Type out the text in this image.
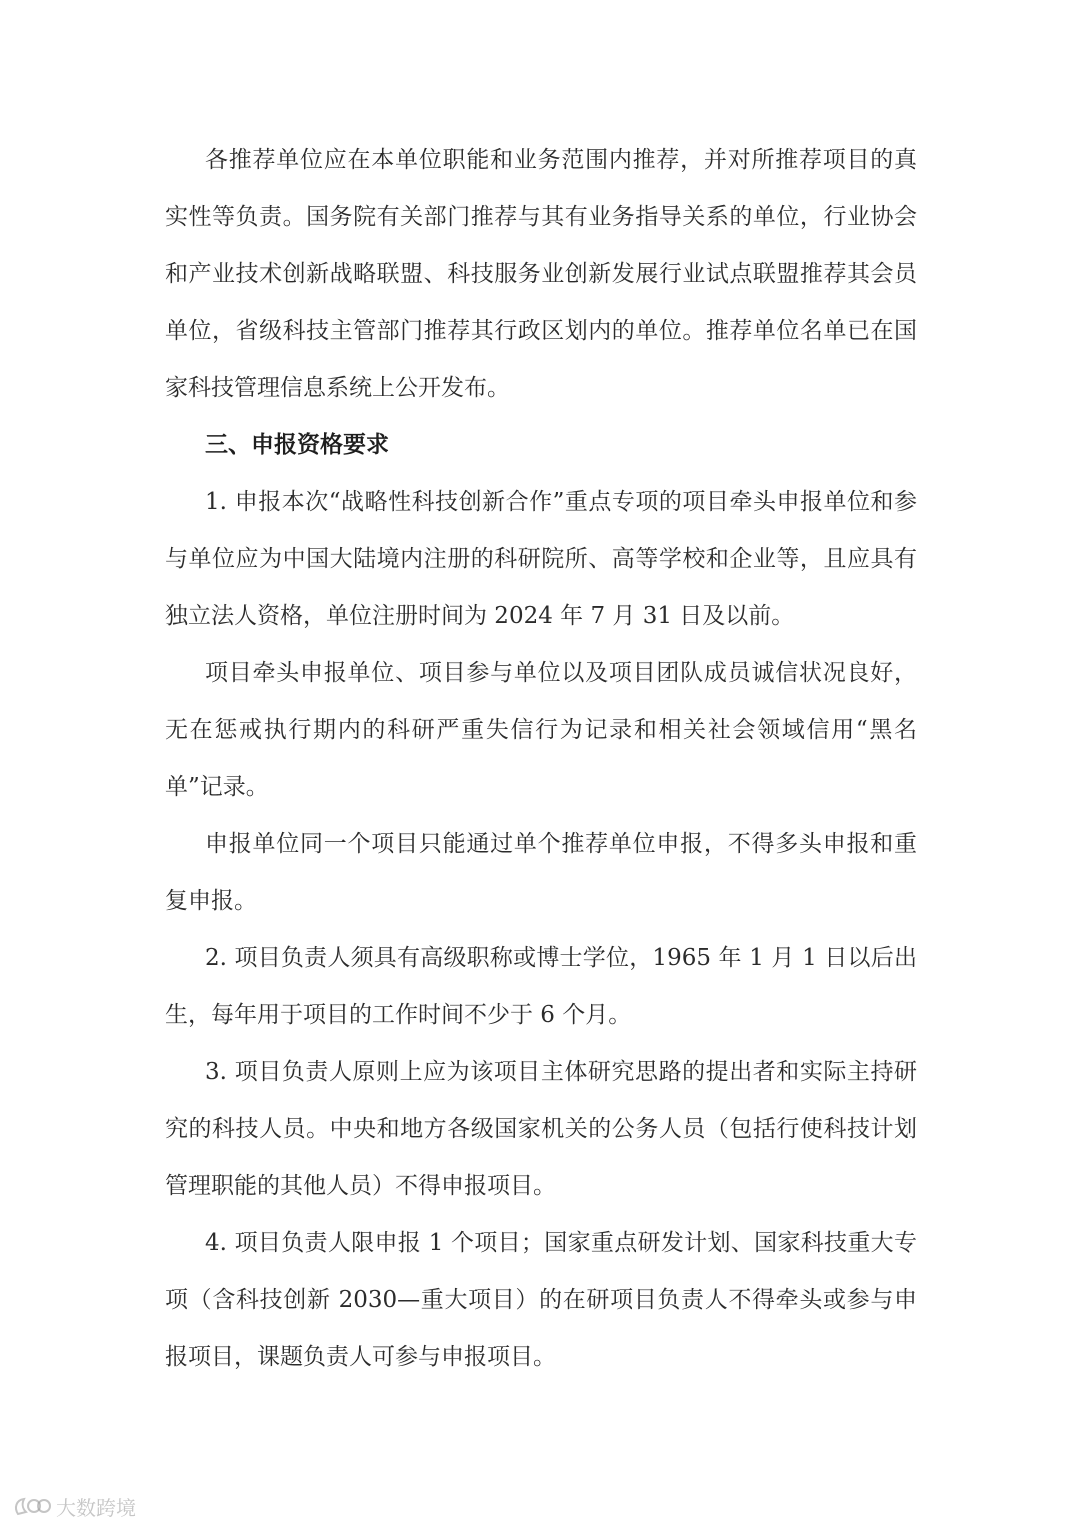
各推荐单位应在本单位职能和业务范围内推荐，并对所推荐项目的真实性等负责。国务院有关部门推荐与其有业务指导关系的单位，行业协会和产业技术创新战略联盟、科技服务业创新发展行业试点联盟推荐其会员单位，省级科技主管部门推荐其行政区划内的单位。推荐单位名单已在国家科技管理信息系统上公开发布。

三、申报资格要求

1. 申报本次“战略性科技创新合作”重点专项的项目牵头申报单位和参与单位应为中国大陆境内注册的科研院所、高等学校和企业等，且应具有独立法人资格，单位注册时间为 2024 年 7 月 31 日及以前。

项目牵头申报单位、项目参与单位以及项目团队成员诚信状况良好，无在惩戒执行期内的科研严重失信行为记录和相关社会领域信用“黑名单”记录。

申报单位同一个项目只能通过单个推荐单位申报，不得多头申报和重复申报。

2. 项目负责人须具有高级职称或博士学位，1965 年 1 月 1 日以后出生，每年用于项目的工作时间不少于 6 个月。

3. 项目负责人原则上应为该项目主体研究思路的提出者和实际主持研究的科技人员。中央和地方各级国家机关的公务人员（包括行使科技计划管理职能的其他人员）不得申报项目。

4. 项目负责人限申报 1 个项目；国家重点研发计划、国家科技重大专项（含科技创新 2030—重大项目）的在研项目负责人不得牵头或参与申报项目，课题负责人可参与申报项目。

大数跨境
